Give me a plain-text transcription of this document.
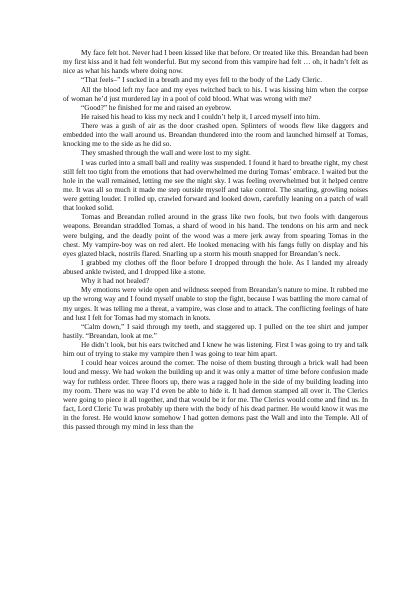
My face felt hot. Never had I been kissed like that before. Or treated like this. Breandan had been my first kiss and it had felt wonderful. But my second from this vampire had felt … oh, it hadn’t felt as nice as what his hands where doing now.

“That feels–” I sucked in a breath and my eyes fell to the body of the Lady Cleric.

All the blood left my face and my eyes twitched back to his. I was kissing him when the corpse of woman he’d just murdered lay in a pool of cold blood. What was wrong with me?

“Good?” he finished for me and raised an eyebrow.

He raised his head to kiss my neck and I couldn’t help it, I arced myself into him.

There was a gush of air as the door crashed open. Splinters of woods flew like daggers and embedded into the wall around us. Breandan thundered into the room and launched himself at Tomas, knocking me to the side as he did so.

They smashed through the wall and were lost to my sight.

I was curled into a small ball and reality was suspended. I found it hard to breathe right, my chest still felt too tight from the emotions that had overwhelmed me during Tomas’ embrace. I waited but the hole in the wall remained, letting me see the night sky. I was feeling overwhelmed but it helped centre me. It was all so much it made me step outside myself and take control. The snarling, growling noises were getting louder. I rolled up, crawled forward and looked down, carefully leaning on a patch of wall that looked solid.

Tomas and Breandan rolled around in the grass like two fools, but two fools with dangerous weapons. Breandan straddled Tomas, a shard of wood in his hand. The tendons on his arm and neck were bulging, and the deadly point of the wood was a mere jerk away from spearing Tomas in the chest. My vampire-boy was on red alert. He looked menacing with his fangs fully on display and his eyes glazed black, nostrils flared. Snarling up a storm his mouth snapped for Breandan’s neck.

I grabbed my clothes off the floor before I dropped through the hole. As I landed my already abused ankle twisted, and I dropped like a stone.

Why it had not healed?

My emotions were wide open and wildness seeped from Breandan’s nature to mine. It rubbed me up the wrong way and I found myself unable to stop the fight, because I was battling the more carnal of my urges. It was telling me a threat, a vampire, was close and to attack. The conflicting feelings of hate and lust I felt for Tomas had my stomach in knots.

“Calm down,” I said through my teeth, and staggered up. I pulled on the tee shirt and jumper hastily. “Breandan, look at me.”

He didn’t look, but his ears twitched and I knew he was listening. First I was going to try and talk him out of trying to stake my vampire then I was going to tear him apart.

I could hear voices around the corner. The noise of them busting through a brick wall had been loud and messy. We had woken the building up and it was only a matter of time before confusion made way for ruthless order. Three floors up, there was a ragged hole in the side of my building leading into my room. There was no way I’d even be able to hide it. It had demon stamped all over it. The Clerics were going to piece it all together, and that would be it for me. The Clerics would come and find us. In fact, Lord Cleric Tu was probably up there with the body of his dead partner. He would know it was me in the forest. He would know somehow I had gotten demons past the Wall and into the Temple. All of this passed through my mind in less than the
